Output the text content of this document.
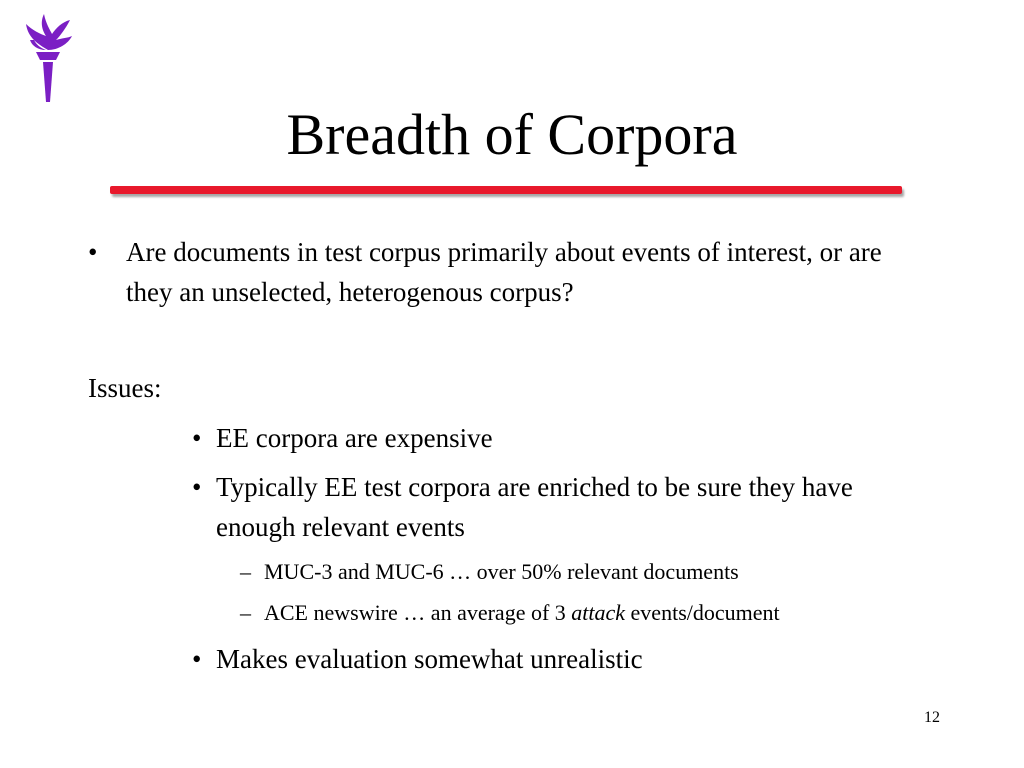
Breadth of Corpora
•	Are documents in test corpus primarily about events of interest, or are they an unselected, heterogenous corpus?
Issues:
• EE corpora are expensive
• Typically EE test corpora are enriched to be sure they have enough relevant events
– MUC-3 and MUC-6 … over 50% relevant documents
– ACE newswire … an average of 3 attack events/document
• Makes evaluation somewhat unrealistic
12
